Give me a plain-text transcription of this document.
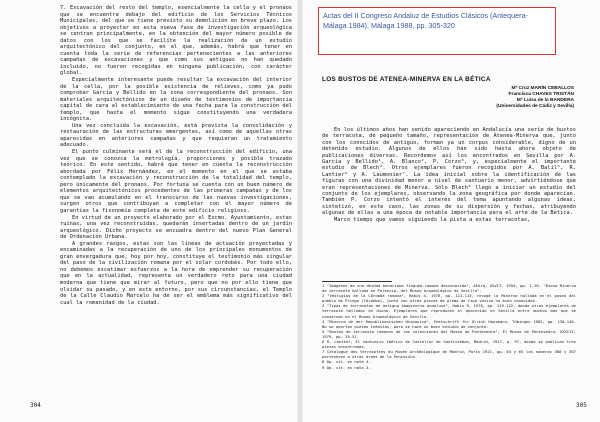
7. Excavación del resto del templo, esencialmente la cella y el pronaos que se encuentra debajo del edificio de los Servicios Técnicos Municipales, del que se tiene previsto su demolición en breve plazo. Los objetivos a proyectar en esta nueva fase de investigación arqueológica se centran principalmente, en la obtención del mayor número posible de datos con los que se facilite la realización de un estudio arquitectónico del conjunto, en el que, además, habrá que tener en cuenta toda la serie de referencias pertenecientes a las anteriores campañas de excavaciones y que como sus antiguas no han quedado incluido, no fueron recogidas en ninguna publicación, con carácter global.

Especialmente interesante puede resultar la excavación del interior de la cella, por la posible existencia de relieves, como ya pudo comprobar García y Bellido en la zona correspondiente del pronaos. Son materiales arquitectónicos de un diseño de textimonios de importancia capital de cara al establecimiento de una fecha para la construcción del templo, que hasta el momento sigue constituyendo una verdadera incógnita.

Una vez concluida la excavación, está prevista la consolidación y restauración de las estructuras emergentes, así como de aquellas otras aparecidas en anteriores campañas y que requieran un tratamiento adecuado.

El punto culminante será el de la reconstrucción del edificio, una vez que se conozca la metrología, proporciones y posible trazado teórico. En este sentido, habrá que tener en cuenta la reconstrucción abordada por Félix Hernández, en el momento en el que se estaba contemplado la excavación y reconstrucción de la totalidad del templo, pero únicamente del pronaos. Por fortuna se cuenta con un buen número de elementos arquitectónicos procedentes de las primeras campañas y de los que se van acumulando en el transcurso de las nuevas investigaciones, surgen otros que contribuyan a completar con el mayor número de garantías la fisonomía completa de este edificio religioso.

En virtud de un proyecto elaborado por el Excmo. Ayuntamiento, estas ruinas, una vez reconstruidas, quedarán insertadas dentro de un jardín arqueológico. Dicho proyecto se encuadra dentro del nuevo Plan General de Ordenación Urbana.

A grandes rasgos, estas son las líneas de actuación proyectadas y encaminadas a la recuperación de uno de los principales monumentos de gran envergadura que, hoy por hoy, constituye el testimonio más singular del paso de la civilización romana por el solar cordobés. Por todo ello, no debemos escatimar esfuerzos a la hora de emprender su recuperación que en la actualidad, representa un verdadero reto para una ciudad moderna que tiene que mirar al futuro, pero que no por ello tiene que olvidar su pasado, y en este entorno, por sus circunstancias, el Templo de la Calle Claudio Marcelo ha de ser el emblema más significativo del cual la romanidad de la ciudad.

304
Actas del II Congreso Andaluz de Estudios Clásicos (Antequera-Málaga 1984), Málaga 1988, pp. 305-320
LOS BUSTOS DE ATENEA-MINERVA EN LA BÉTICA
Mª Cruz MARÍN CEBALLOS
Francisca CHAVES TRISTÁN
Mª Luisa de la BANDERA
(Universidades de Cádiz y Sevilla)

En los últimos años han venido apareciendo en Andalucía una serie de bustos de terracota, de pequeño tamaño, representación de Atenea-Minerva que, junto con los conocidos de antiguo, forman ya un corpus considerable, digno de un detenido estudio. Algunos de ellos han sido hasta ahora objeto de publicaciones diversas. Recordemos así los encontrados en Sevilla por A. García y Bellido¹, A. Blanco², P. Corzo³, y, especialmente el importante estudio de Blech⁴. Otros ejemplares fueron recogidos por A. Balil⁵, R. Lantier⁶ y A. Laumonier⁷. La idea inicial sobre la identificación de las figuras con una divinidad menor a nivel de santuario menor, advirtiéndose que eran representaciones de Minerva. Sólo Blech⁸ llegó a iniciar un estudio del conjunto de los ejemplares, observando la zona geográfica por donde aparecían. También P. Corzo intentó el interés del tema apuntando algunas ideas, sintetizó, en este caso, las zonas de su dispersión y fechas, atribuyendo algunas de ellas a una época de notable importancia para el arte de la Bética.

Marco tiempo que vamos siguiendo la pista a estas terracotas,

1 "Imágenes de una deidad menoriana fingueo-romana desconocida", AEArq, XXVII, 1954, pp. 1-26. "Diosa Minerva de terracota hallada en Palencia, del Museo Arqueológico de Sevilla".
2 "Vestigios de la Córdoba romana", Habis 4, 1976, pp. 111-115, recoge la Minerva hallada en el paseo del pueblo de Priego (Córdoba), junto con otras piezas de plomo de tipo votivo no bien conocidas.
3 "Tipos de terracotas de antigua imaginería andaluza", Habis 9, 1978, pp. 119-122, donde otros ejemplares de terracota hallados en Osuna. Ejemplares que reproducen el aparecido en Sevilla entre muchos más que se conservan en el Museo Arqueológico de Sevilla.
4 "Minerva de der Republikanischen Hispanica", Festschrift für Ulrich Hausmann, Tübingen 1982, pp. 130-140. No se aportan piezas inéditas, pero se hace un buen estudio de conjunto.
5 "Bustos de terracota romanos de las colecciones del Museo de Pontevedra", El Museo de Pontevedra, XXXIII, 1979, pp. 35-51.
6 R. Lantier, El santuario ibérico de Castellar de Santisteban, Madrid, 1917, p. 97, donde se publican tres piezas encontradas.
7 Catalogue des terracottes du Musée Archéologique de Madrid, Paris 1921, pp. 64 y 65 los números 308 y 307 pertenecen a otras áreas de la Península.
8 Op. cit. en nota 4.
9 Op. cit. en nota 3.
305
